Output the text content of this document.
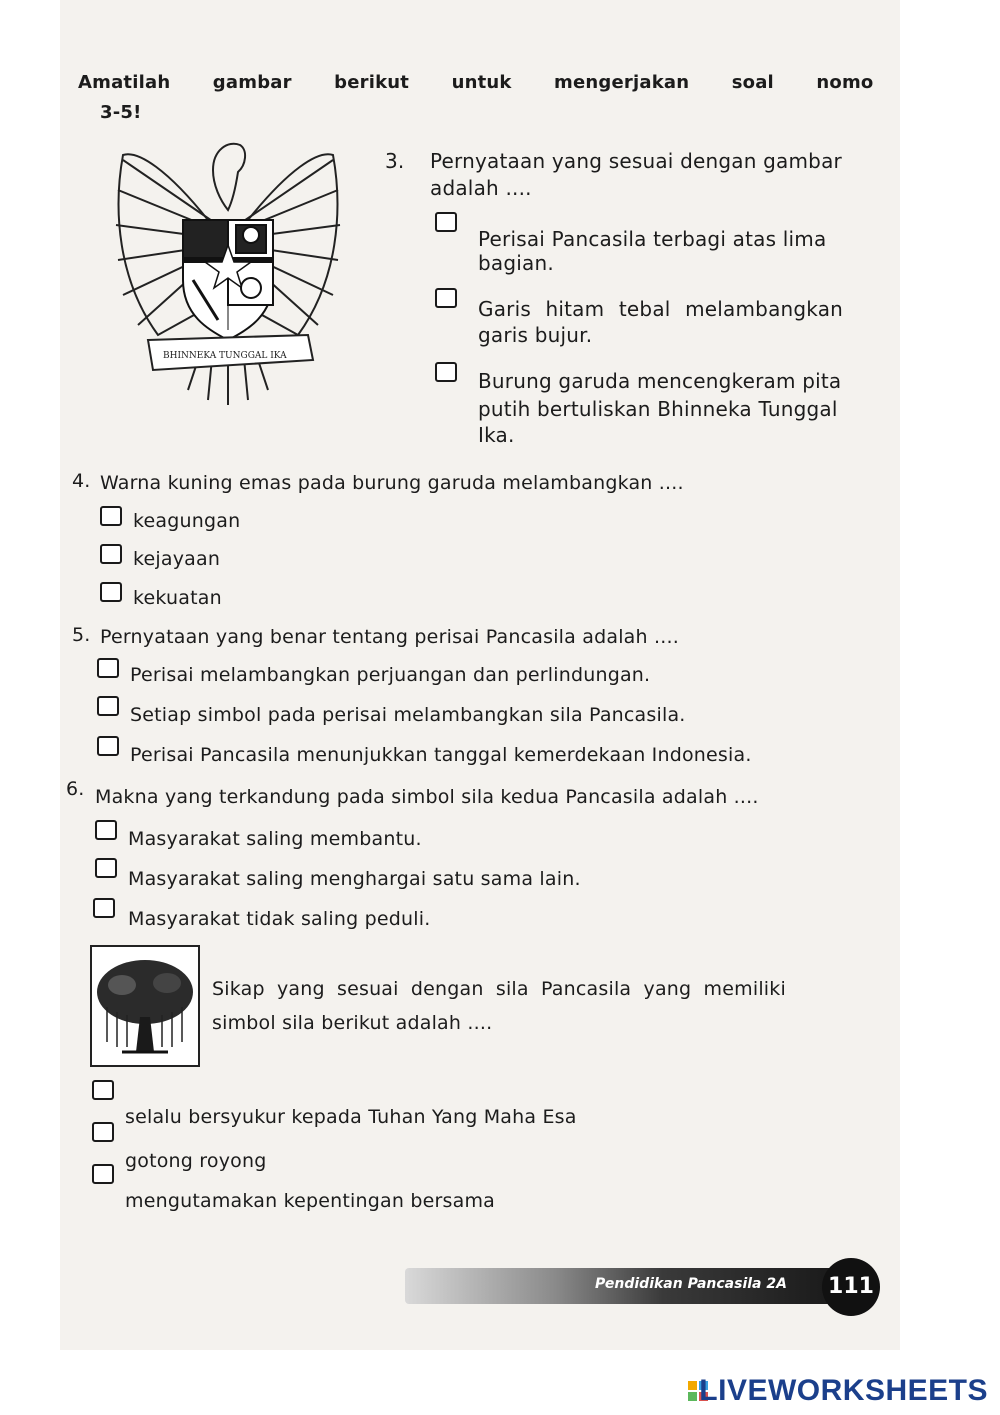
Amatilah gambar berikut untuk mengerjakan soal nomo
3-5!
BHINNEKA TUNGGAL IKA
3. Pernyataan yang sesuai dengan gambar
adalah ....
Perisai Pancasila terbagi atas lima
bagian.
Garis hitam tebal melambangkan
garis bujur.
Burung garuda mencengkeram pita
putih bertuliskan Bhinneka Tunggal
Ika.
4. Warna kuning emas pada burung garuda melambangkan ....
keagungan
kejayaan
kekuatan
5. Pernyataan yang benar tentang perisai Pancasila adalah ....
Perisai melambangkan perjuangan dan perlindungan.
Setiap simbol pada perisai melambangkan sila Pancasila.
Perisai Pancasila menunjukkan tanggal kemerdekaan Indonesia.
6. Makna yang terkandung pada simbol sila kedua Pancasila adalah ....
Masyarakat saling membantu.
Masyarakat saling menghargai satu sama lain.
Masyarakat tidak saling peduli.
Sikap yang sesuai dengan sila Pancasila yang memiliki
simbol sila berikut adalah ....
selalu bersyukur kepada Tuhan Yang Maha Esa
gotong royong
mengutamakan kepentingan bersama
Pendidikan Pancasila 2A 111
LIVEWORKSHEETS
